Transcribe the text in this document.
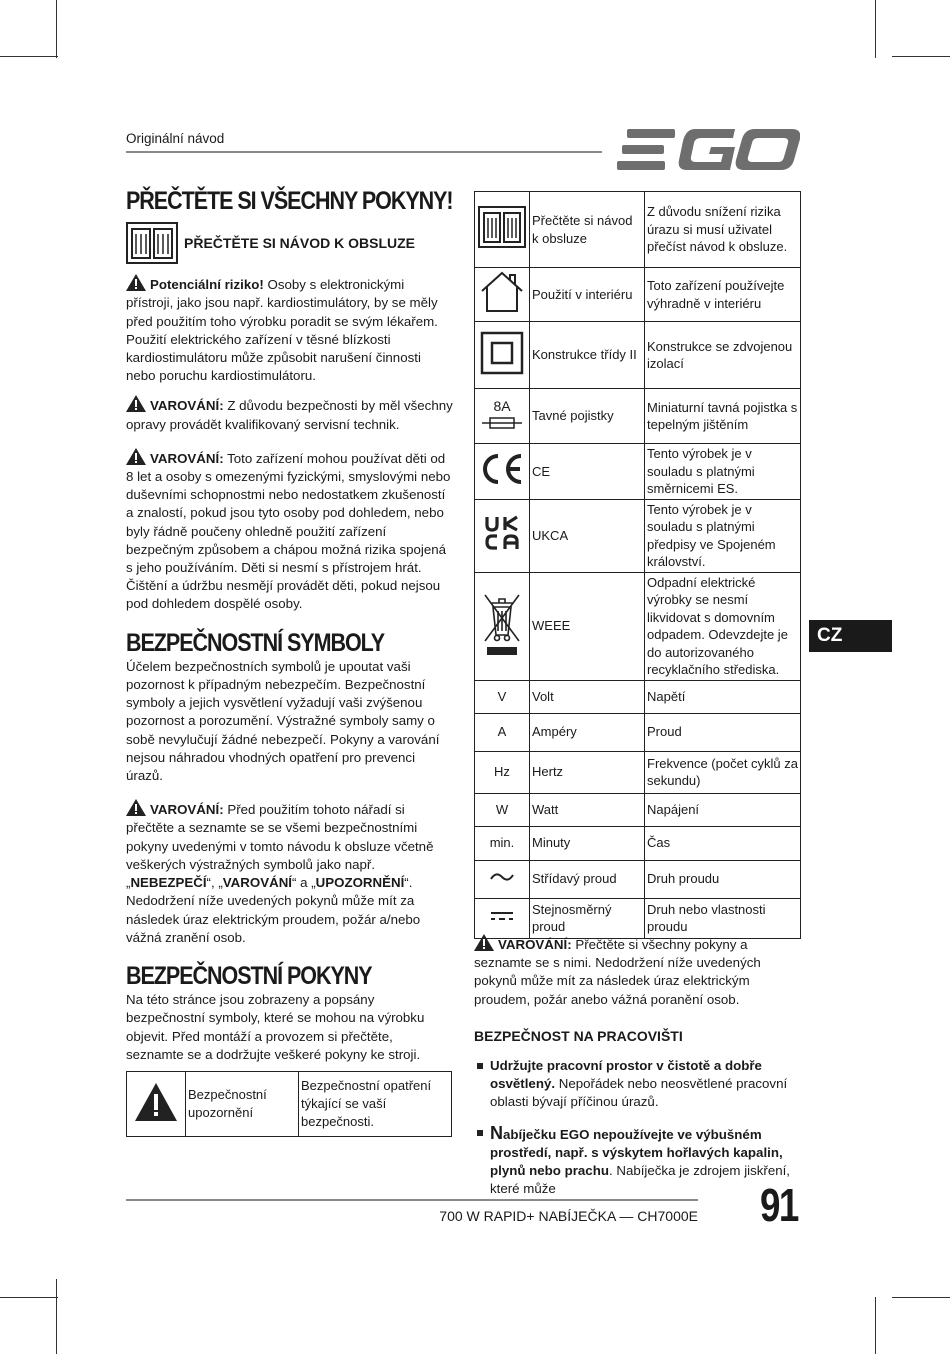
Originální návod
PŘEČTĚTE SI VŠECHNY POKYNY!
PŘEČTĚTE SI NÁVOD K OBSLUZE

Potenciální riziko! Osoby s elektronickými přístroji, jako jsou např. kardiostimulátory, by se měly před použitím toho výrobku poradit se svým lékařem. Použití elektrického zařízení v těsné blízkosti kardiostimulátoru může způsobit narušení činnosti nebo poruchu kardiostimulátoru.

VAROVÁNÍ: Z důvodu bezpečnosti by měl všechny opravy provádět kvalifikovaný servisní technik.

VAROVÁNÍ: Toto zařízení mohou používat děti od 8 let a osoby s omezenými fyzickými, smyslovými nebo duševními schopnostmi nebo nedostatkem zkušeností a znalostí, pokud jsou tyto osoby pod dohledem, nebo byly řádně poučeny ohledně použití zařízení bezpečným způsobem a chápou možná rizika spojená s jeho používáním. Děti si nesmí s přístrojem hrát. Čištění a údržbu nesmějí provádět děti, pokud nejsou pod dohledem dospělé osoby.

BEZPEČNOSTNÍ SYMBOLY

Účelem bezpečnostních symbolů je upoutat vaši pozornost k případným nebezpečím. Bezpečnostní symboly a jejich vysvětlení vyžadují vaši zvýšenou pozornost a porozumění. Výstražné symboly samy o sobě nevylučují žádné nebezpečí. Pokyny a varování nejsou náhradou vhodných opatření pro prevenci úrazů.

VAROVÁNÍ: Před použitím tohoto nářadí si přečtěte a seznamte se se všemi bezpečnostními pokyny uvedenými v tomto návodu k obsluze včetně veškerých výstražných symbolů jako např. „NEBEZPEČÍ“, „VAROVÁNÍ“ a „UPOZORNĚNÍ“. Nedodržení níže uvedených pokynů může mít za následek úraz elektrickým proudem, požár a/nebo vážná zranění osob.

BEZPEČNOSTNÍ POKYNY

Na této stránce jsou zobrazeny a popsány bezpečnostní symboly, které se mohou na výrobku objevit. Před montáží a provozem si přečtěte, seznamte se a dodržujte veškeré pokyny ke stroji.

	Bezpečnostní upozornění	Bezpečnostní opatření týkající se vaší bezpečnosti.
	Přečtěte si návod k obsluze	Z důvodu snížení rizika úrazu si musí uživatel přečíst návod k obsluze.
	Použití v interiéru	Toto zařízení používejte výhradně v interiéru
	Konstrukce třídy II	Konstrukce se zdvojenou izolací

8A	Tavné pojistky	Miniaturní tavná pojistka s tepelným jištěním
	CE	Tento výrobek je v souladu s platnými směrnicemi ES.
	UKCA	Tento výrobek je v souladu s platnými předpisy ve Spojeném království.
	WEEE	Odpadní elektrické výrobky se nesmí likvidovat s domovním odpadem. Odevzdejte je do autorizovaného recyklačního střediska.
V	Volt	Napětí
A	Ampéry	Proud
Hz	Hertz	Frekvence (počet cyklů za sekundu)
W	Watt	Napájení
min.	Minuty	Čas
	Střídavý proud	Druh proudu
	Stejnosměrný proud	Druh nebo vlastnosti proudu

VAROVÁNÍ: Přečtěte si všechny pokyny a seznamte se s nimi. Nedodržení níže uvedených pokynů může mít za následek úraz elektrickým proudem, požár anebo vážná poranění osob.

BEZPEČNOST NA PRACOVIŠTI

Udržujte pracovní prostor v čistotě a dobře osvětlený. Nepořádek nebo neosvětlené pracovní oblasti bývají příčinou úrazů.

Nabíječku EGO nepoužívejte ve výbušném prostředí, např. s výskytem hořlavých kapalin, plynů nebo prachu. Nabíječka je zdrojem jiskření, které může

CZ
700 W RAPID+ NABÍJEČKA — CH7000E 91
